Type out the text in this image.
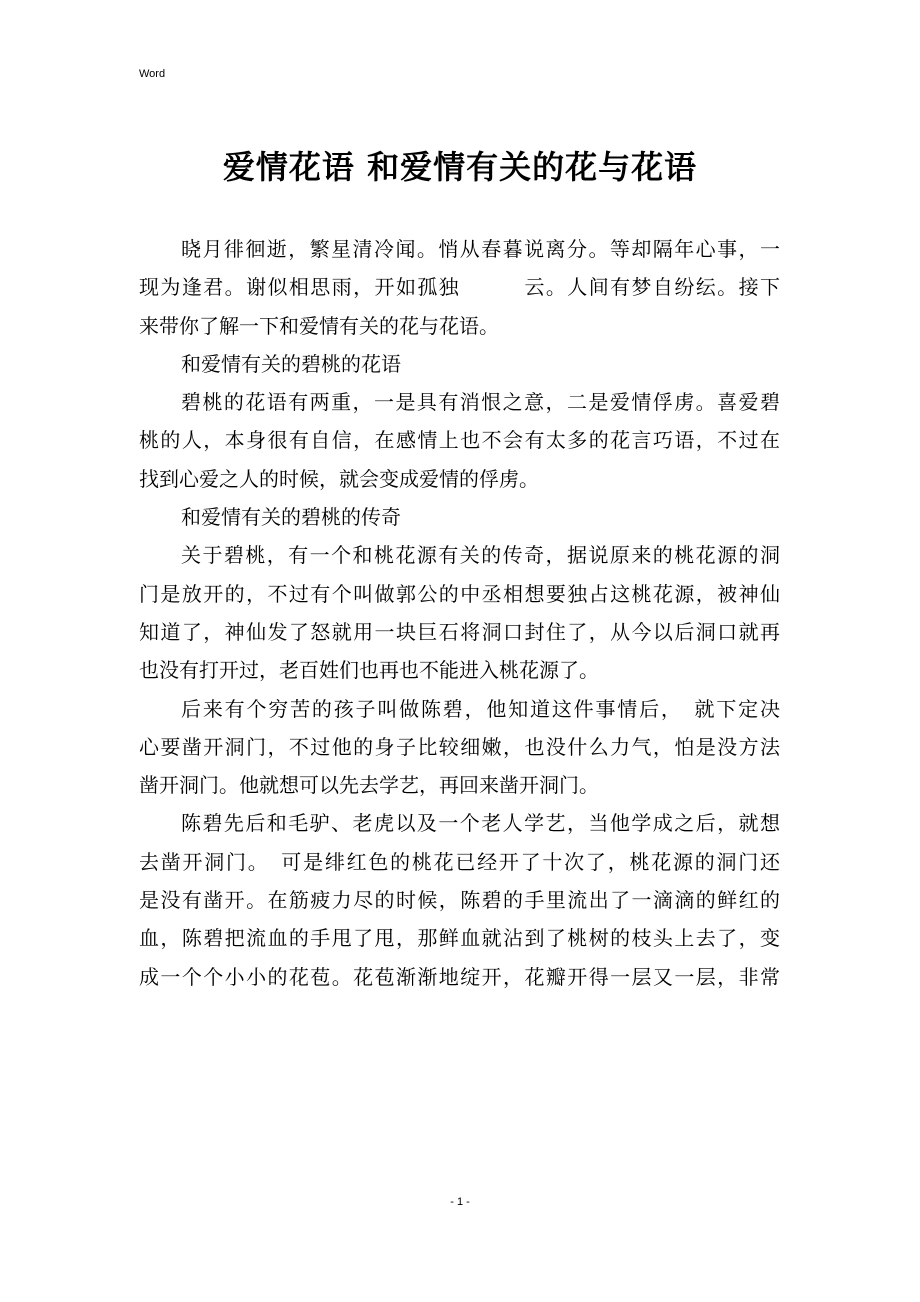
Word
爱情花语 和爱情有关的花与花语
晓月徘徊逝，繁星清冷闻。悄从春暮说离分。等却隔年心事，一
现为逢君。谢似相思雨，开如孤独　　　云。人间有梦自纷纭。接下
来带你了解一下和爱情有关的花与花语。
和爱情有关的碧桃的花语
碧桃的花语有两重，一是具有消恨之意，二是爱情俘虏。喜爱碧
桃的人，本身很有自信，在感情上也不会有太多的花言巧语，不过在
找到心爱之人的时候，就会变成爱情的俘虏。
和爱情有关的碧桃的传奇
关于碧桃，有一个和桃花源有关的传奇，据说原来的桃花源的洞
门是放开的，不过有个叫做郭公的中丞相想要独占这桃花源，被神仙
知道了，神仙发了怒就用一块巨石将洞口封住了，从今以后洞口就再
也没有打开过，老百姓们也再也不能进入桃花源了。
后来有个穷苦的孩子叫做陈碧，他知道这件事情后，　就下定决
心要凿开洞门，不过他的身子比较细嫩，也没什么力气，怕是没方法
凿开洞门。他就想可以先去学艺，再回来凿开洞门。
陈碧先后和毛驴、老虎以及一个老人学艺，当他学成之后，就想
去凿开洞门。　可是绯红色的桃花已经开了十次了，桃花源的洞门还
是没有凿开。在筋疲力尽的时候，陈碧的手里流出了一滴滴的鲜红的
血，陈碧把流血的手甩了甩，那鲜血就沾到了桃树的枝头上去了，变
成一个个小小的花苞。花苞渐渐地绽开，花瓣开得一层又一层，非常
- 1 -
